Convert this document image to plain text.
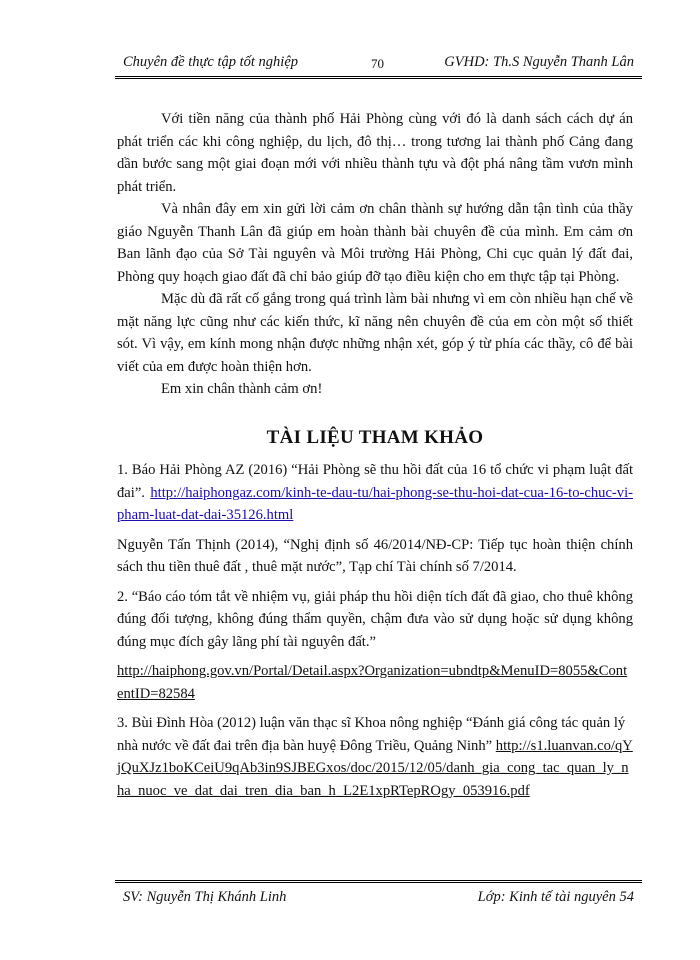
Chuyên đề thực tập tốt nghiệp	70	GVHD: Th.S Nguyễn Thanh Lân

Với tiền năng của thành phố Hải Phòng cùng với đó là danh sách cách dự án phát triển các khi công nghiệp, du lịch, đô thị… trong tương lai thành phố Cảng đang dần bước sang một giai đoạn mới với nhiều thành tựu và đột phá nâng tầm vươn mình phát triển.

Và nhân đây em xin gửi lời cảm ơn chân thành sự hướng dẫn tận tình của thầy giáo Nguyễn Thanh Lân đã giúp em hoàn thành bài chuyên đề của mình. Em cảm ơn Ban lãnh đạo của Sở Tài nguyên và Môi trường Hải Phòng, Chi cục quản lý đất đai, Phòng quy hoạch giao đất đã chỉ bảo giúp đỡ tạo điều kiện cho em thực tập tại Phòng.

Mặc dù đã rất cố gắng trong quá trình làm bài nhưng vì em còn nhiều hạn chế về mặt năng lực cũng như các kiến thức, kĩ năng nên chuyên đề của em còn một số thiết sót. Vì vậy, em kính mong nhận được những nhận xét, góp ý từ phía các thầy, cô để bài viết của em được hoàn thiện hơn.

Em xin chân thành cảm ơn!

TÀI LIỆU THAM KHẢO

1. Báo Hải Phòng AZ (2016) “Hải Phòng sẽ thu hồi đất của 16 tổ chức vi phạm luật đất đai”. http://haiphongaz.com/kinh-te-dau-tu/hai-phong-se-thu-hoi-dat-cua-16-to-chuc-vi-pham-luat-dat-dai-35126.html

Nguyễn Tấn Thịnh (2014), “Nghị định số 46/2014/NĐ-CP: Tiếp tục hoàn thiện chính sách thu tiền thuê đất , thuê mặt nước”, Tạp chí Tài chính số 7/2014.

2. “Báo cáo tóm tắt về nhiệm vụ, giải pháp thu hồi diện tích đất đã giao, cho thuê không đúng đối tượng, không đúng thẩm quyền, chậm đưa vào sử dụng hoặc sử dụng không đúng mục đích gây lãng phí tài nguyên đất.”

http://haiphong.gov.vn/Portal/Detail.aspx?Organization=ubndtp&MenuID=8055&ContentID=82584

3. Bùi Đình Hòa (2012) luận văn thạc sĩ Khoa nông nghiệp “Đánh giá công tác quản lý nhà nước về đất đai trên địa bàn huyệ Đông Triều, Quảng Ninh” http://s1.luanvan.co/qYjQuXJz1boKCeiU9qAb3in9SJBEGxos/doc/2015/12/05/danh_gia_cong_tac_quan_ly_nha_nuoc_ve_dat_dai_tren_dia_ban_h_L2E1xpRTepROgy_053916.pdf

SV: Nguyễn Thị Khánh Linh	Lớp: Kinh tế tài nguyên 54
